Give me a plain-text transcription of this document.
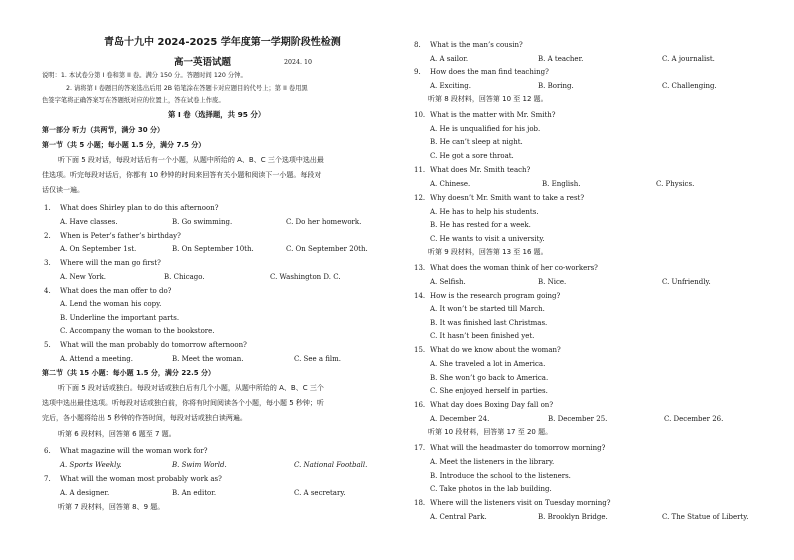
青岛十九中 2024-2025 学年度第一学期阶段性检测
高一英语试题	2024. 10
说明：1. 本试卷分第 I 卷和第 II 卷。满分 150 分。答题时间 120 分钟。
2. 请将第 I 卷题目的答案选出后用 2B 铅笔涂在答题卡对应题目的代号上；第 II 卷用黑
色签字笔将正确答案写在答题纸对应的位置上，答在试卷上作废。
第 I 卷（选择题，共 95 分）
第一部分 听力（共两节，满分 30 分）
第一节（共 5 小题；每小题 1.5 分，满分 7.5 分）
听下面 5 段对话，每段对话后有一个小题，从题中所给的 A、B、C 三个选项中选出最
佳选项。听完每段对话后，你都有 10 秒钟的时间来回答有关小题和阅读下一小题。每段对
话仅读一遍。
1. What does Shirley plan to do this afternoon?
A. Have classes.	B. Go swimming.	C. Do her homework.
2. When is Peter’s father’s birthday?
A. On September 1st.	B. On September 10th.	C. On September 20th.
3. Where will the man go first?
A. New York.	B. Chicago.	C. Washington D. C.
4. What does the man offer to do?
A. Lend the woman his copy.
B. Underline the important parts.
C. Accompany the woman to the bookstore.
5. What will the man probably do tomorrow afternoon?
A. Attend a meeting.	B. Meet the woman.	C. See a film.
第二节（共 15 小题：每小题 1.5 分，满分 22.5 分）
听下面 5 段对话或独白。每段对话或独白后有几个小题，从题中所给的 A、B、C 三个
选项中选出最佳选项。听每段对话或独白前，你将有时间阅读各个小题，每小题 5 秒钟；听
完后，各小题将给出 5 秒钟的作答时间，每段对话或独白读两遍。
听第 6 段材料，回答第 6 题至 7 题。
6. What magazine will the woman work for?
A. Sports Weekly.	B. Swim World.	C. National Football.
7. What will the woman most probably work as?
A. A designer.	B. An editor.	C. A secretary.
听第 7 段材料，回答第 8、9 题。
8. What is the man’s cousin?
A. A sailor.	B. A teacher.	C. A journalist.
9. How does the man find teaching?
A. Exciting.	B. Boring.	C. Challenging.
听第 8 段材料，回答第 10 至 12 题。
10. What is the matter with Mr. Smith?
A. He is unqualified for his job.
B. He can’t sleep at night.
C. He got a sore throat.
11. What does Mr. Smith teach?
A. Chinese.	B. English.	C. Physics.
12. Why doesn’t Mr. Smith want to take a rest?
A. He has to help his students.
B. He has rested for a week.
C. He wants to visit a university.
听第 9 段材料，回答第 13 至 16 题。
13. What does the woman think of her co-workers?
A. Selfish.	B. Nice.	C. Unfriendly.
14. How is the research program going?
A. It won’t be started till March.
B. It was finished last Christmas.
C. It hasn’t been finished yet.
15. What do we know about the woman?
A. She traveled a lot in America.
B. She won’t go back to America.
C. She enjoyed herself in parties.
16. What day does Boxing Day fall on?
A. December 24.	B. December 25.	C. December 26.
听第 10 段材料，回答第 17 至 20 题。
17. What will the headmaster do tomorrow morning?
A. Meet the listeners in the library.
B. Introduce the school to the listeners.
C. Take photos in the lab building.
18. Where will the listeners visit on Tuesday morning?
A. Central Park.	B. Brooklyn Bridge.	C. The Statue of Liberty.
